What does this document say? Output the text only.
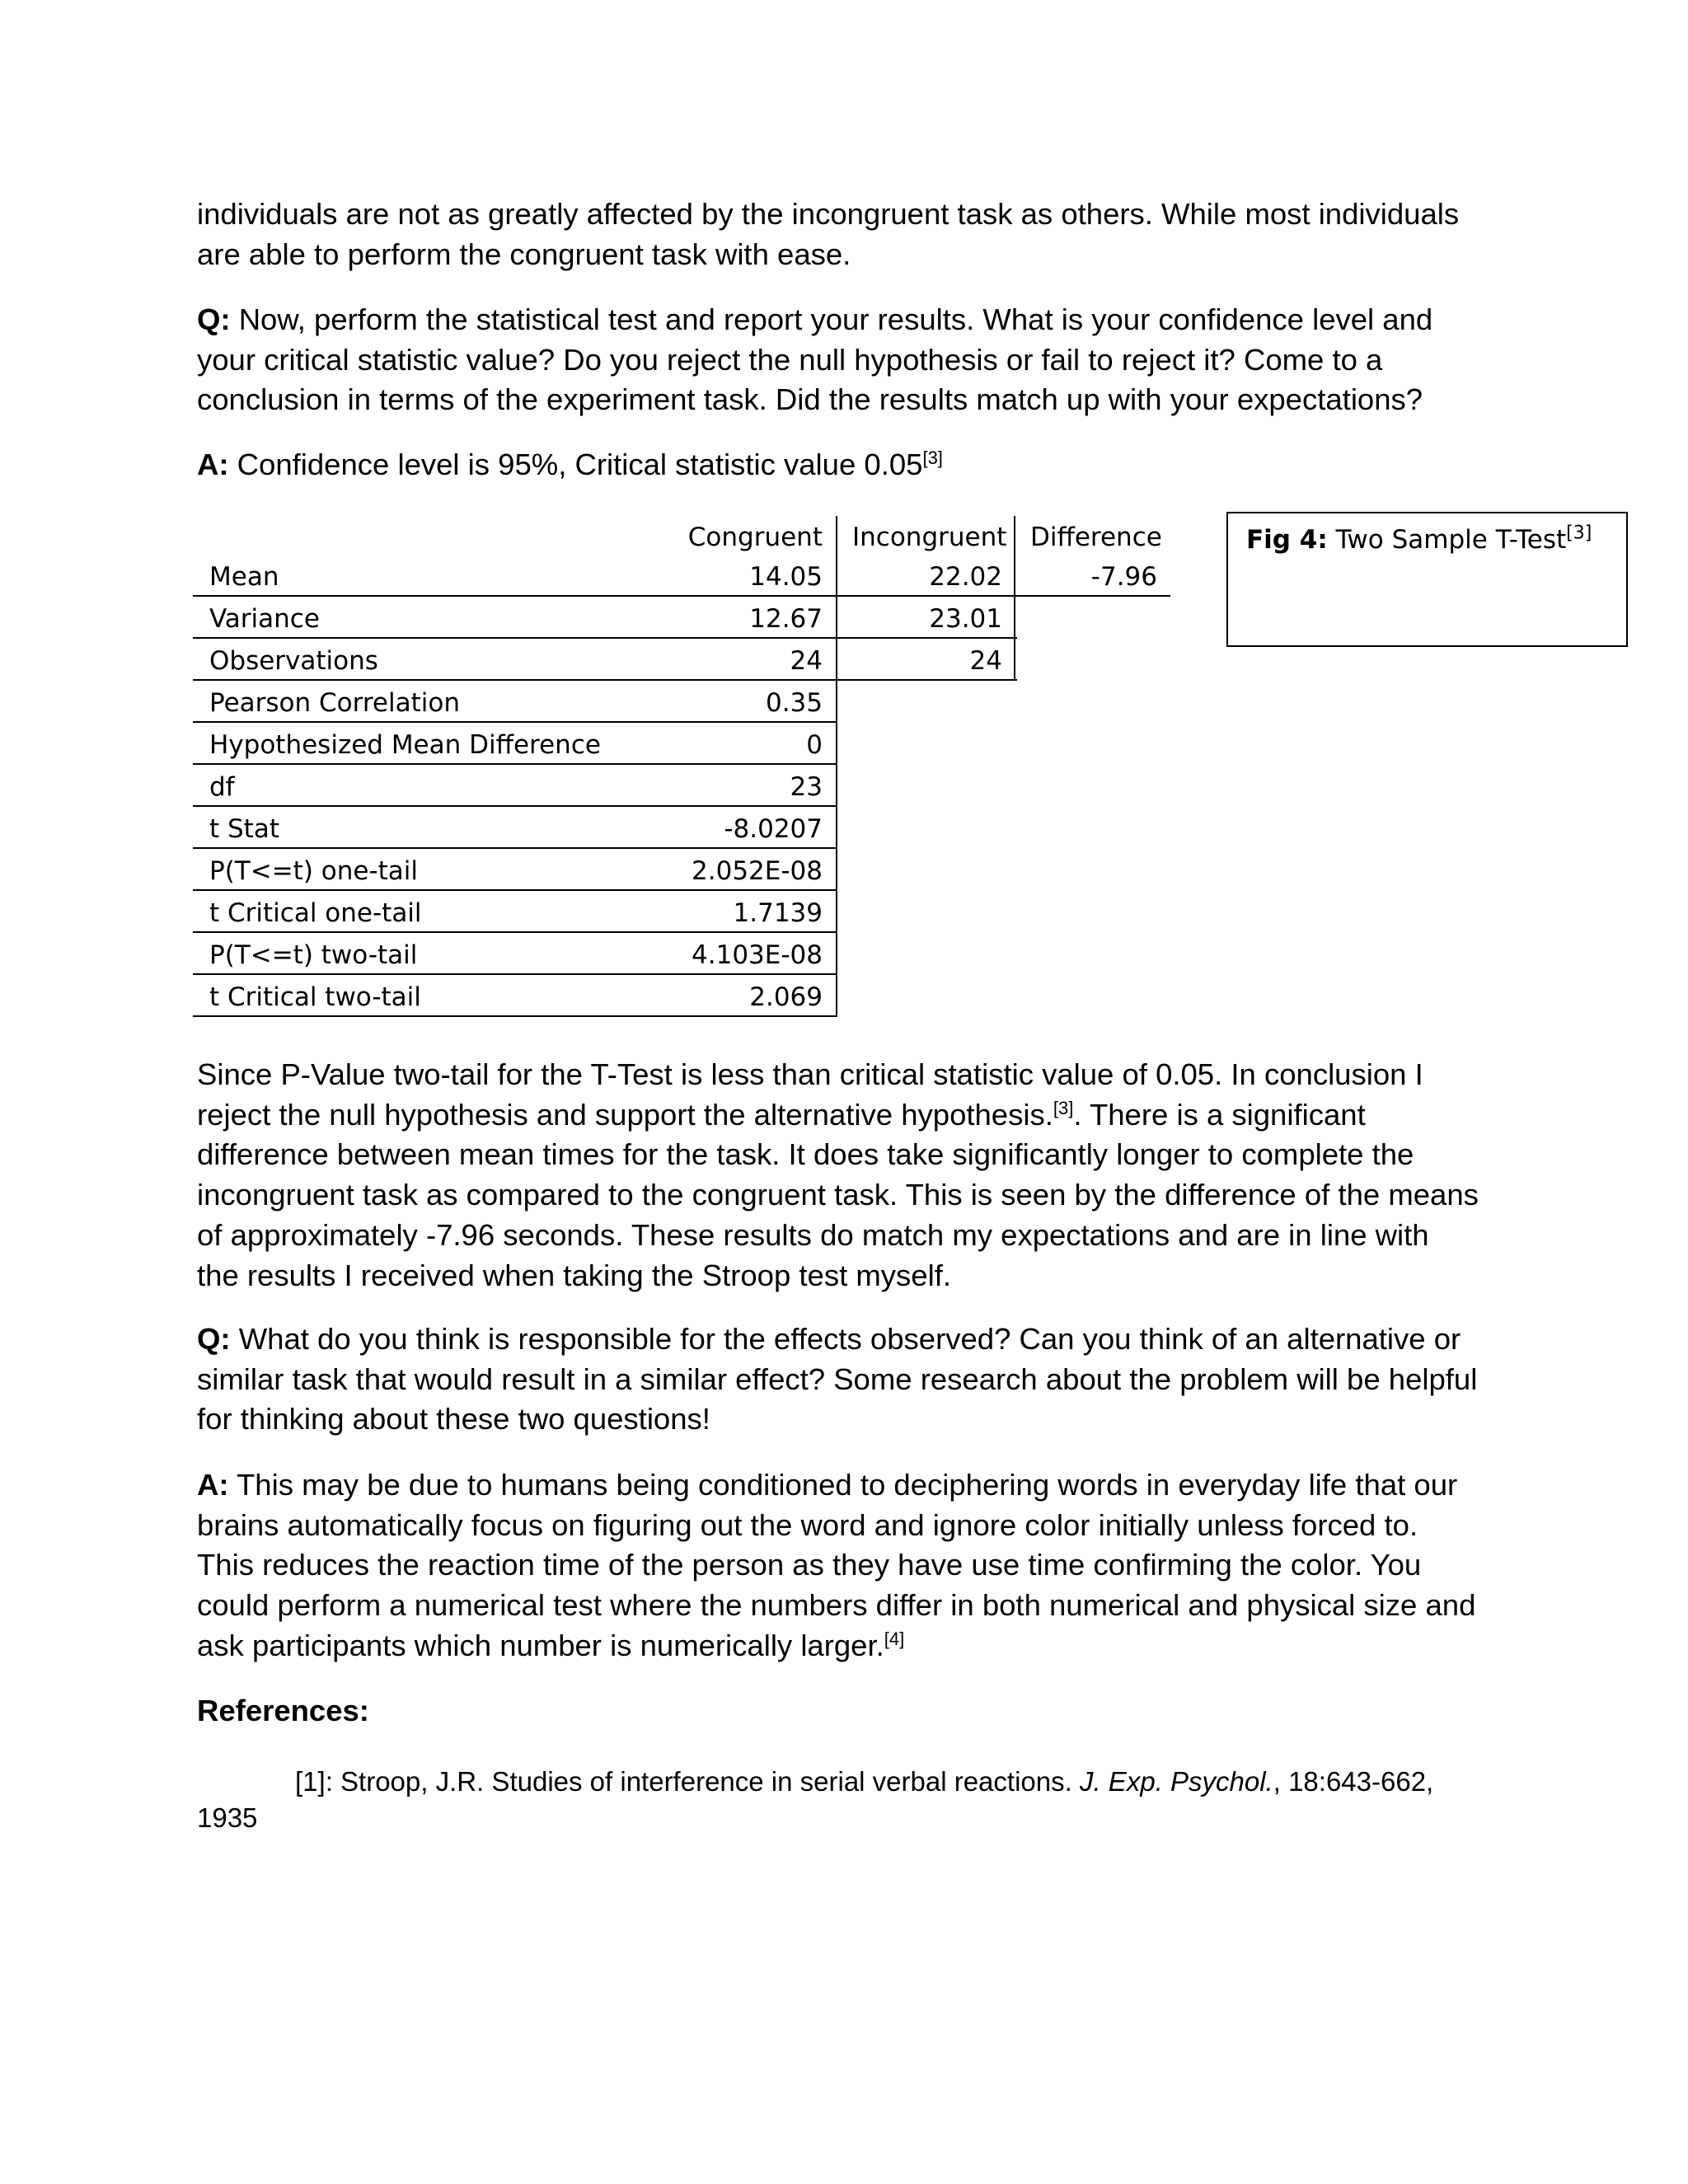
individuals are not as greatly affected by the incongruent task as others. While most individuals
are able to perform the congruent task with ease.

Q: Now, perform the statistical test and report your results. What is your confidence level and your critical statistic value? Do you reject the null hypothesis or fail to reject it? Come to a conclusion in terms of the experiment task. Did the results match up with your expectations?

A: Confidence level is 95%, Critical statistic value 0.05[3]

Congruent Incongruent Difference
Mean	14.05	22.02	-7.96
Variance	12.67	23.01
Observations	24	24
Pearson Correlation	0.35
Hypothesized Mean Difference	0
df	23
t Stat	-8.0207
P(T<=t) one-tail	2.052E-08
t Critical one-tail	1.7139
P(T<=t) two-tail	4.103E-08
t Critical two-tail	2.069
Fig 4: Two Sample T-Test[3]

Since P-Value two-tail for the T-Test is less than critical statistic value of 0.05. In conclusion I reject the null hypothesis and support the alternative hypothesis.[3]. There is a significant difference between mean times for the task. It does take significantly longer to complete the incongruent task as compared to the congruent task. This is seen by the difference of the means of approximately -7.96 seconds. These results do match my expectations and are in line with the results I received when taking the Stroop test myself.

Q: What do you think is responsible for the effects observed? Can you think of an alternative or similar task that would result in a similar effect? Some research about the problem will be helpful for thinking about these two questions!

A: This may be due to humans being conditioned to deciphering words in everyday life that our brains automatically focus on figuring out the word and ignore color initially unless forced to. This reduces the reaction time of the person as they have use time confirming the color. You could perform a numerical test where the numbers differ in both numerical and physical size and ask participants which number is numerically larger.[4]

References:

[1]: Stroop, J.R. Studies of interference in serial verbal reactions. J. Exp. Psychol., 18:643-662,
1935
